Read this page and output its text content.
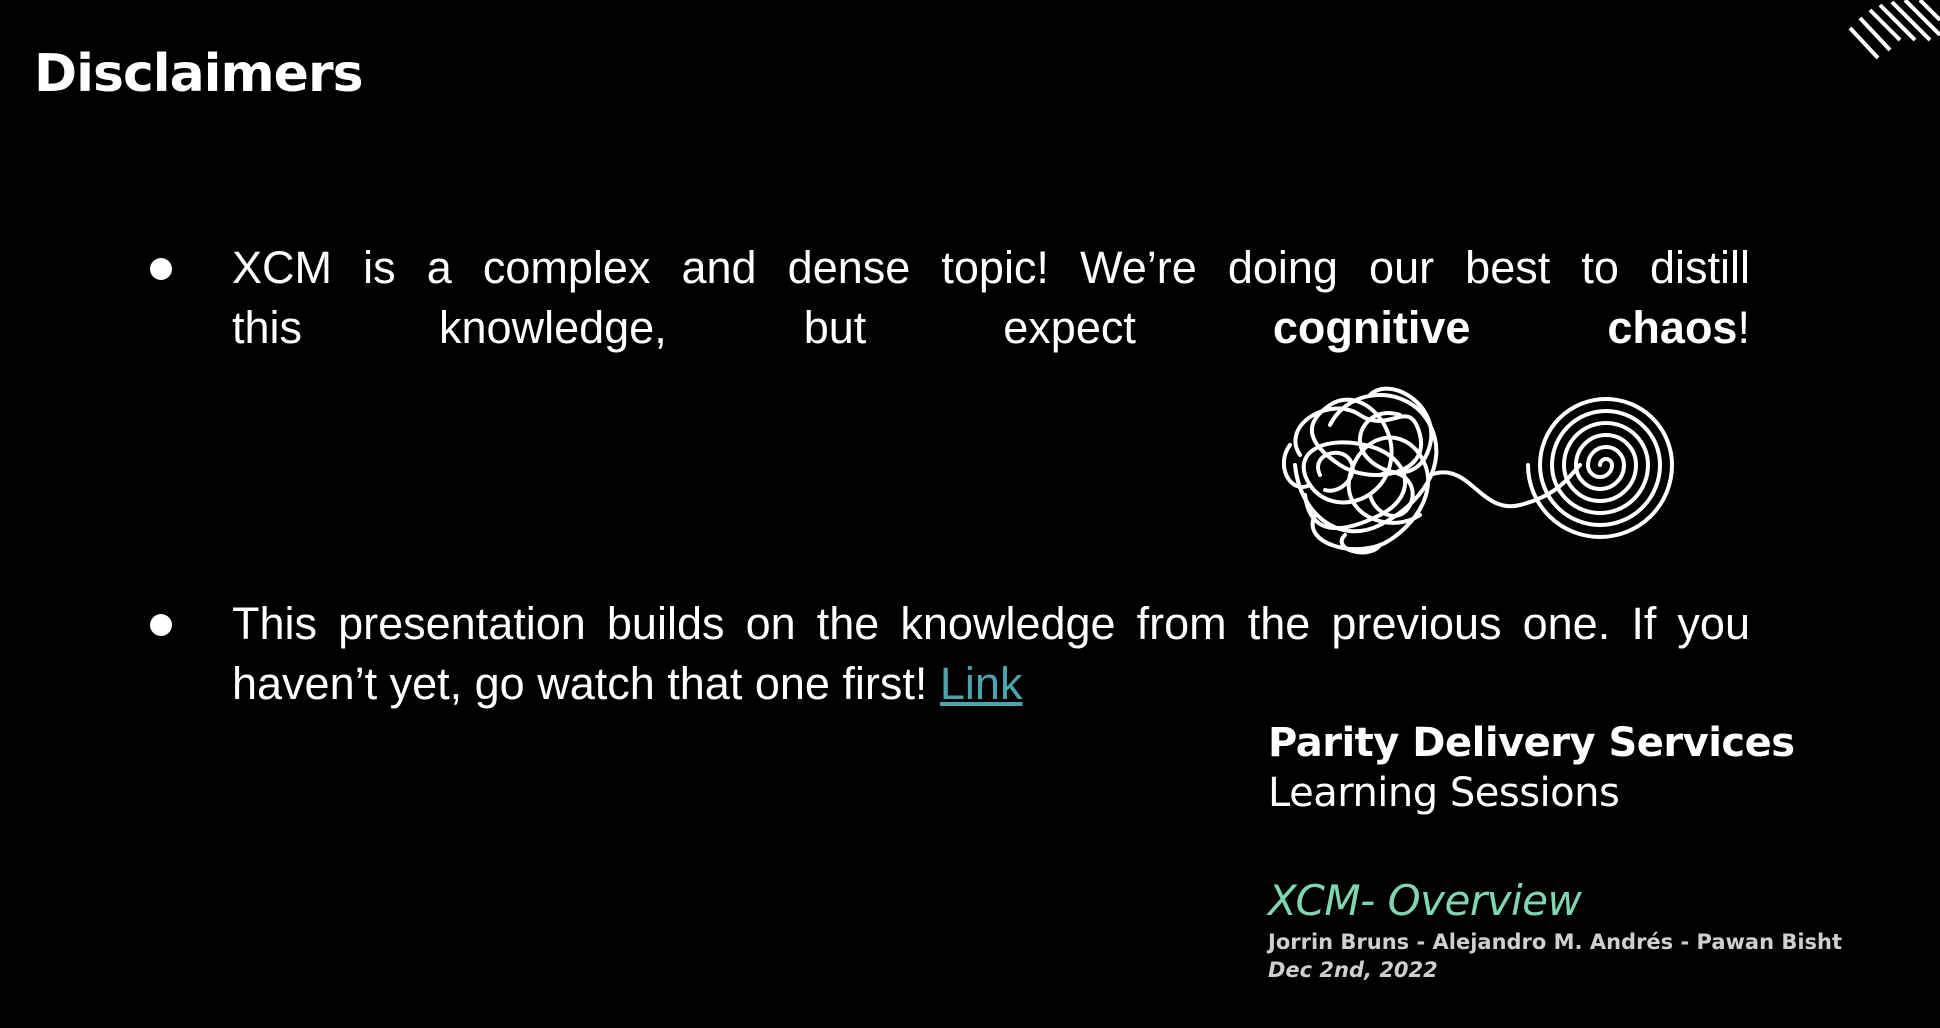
Disclaimers
XCM is a complex and dense topic! We’re doing our best to distill
this	knowledge,	but	expect	cognitive	chaos!
This presentation builds on the knowledge from the previous one. If you haven’t yet, go watch that one first! Link
Parity Delivery Services
Learning Sessions
XCM- Overview
Jorrin Bruns - Alejandro M. Andrés - Pawan Bisht
Dec 2nd, 2022
